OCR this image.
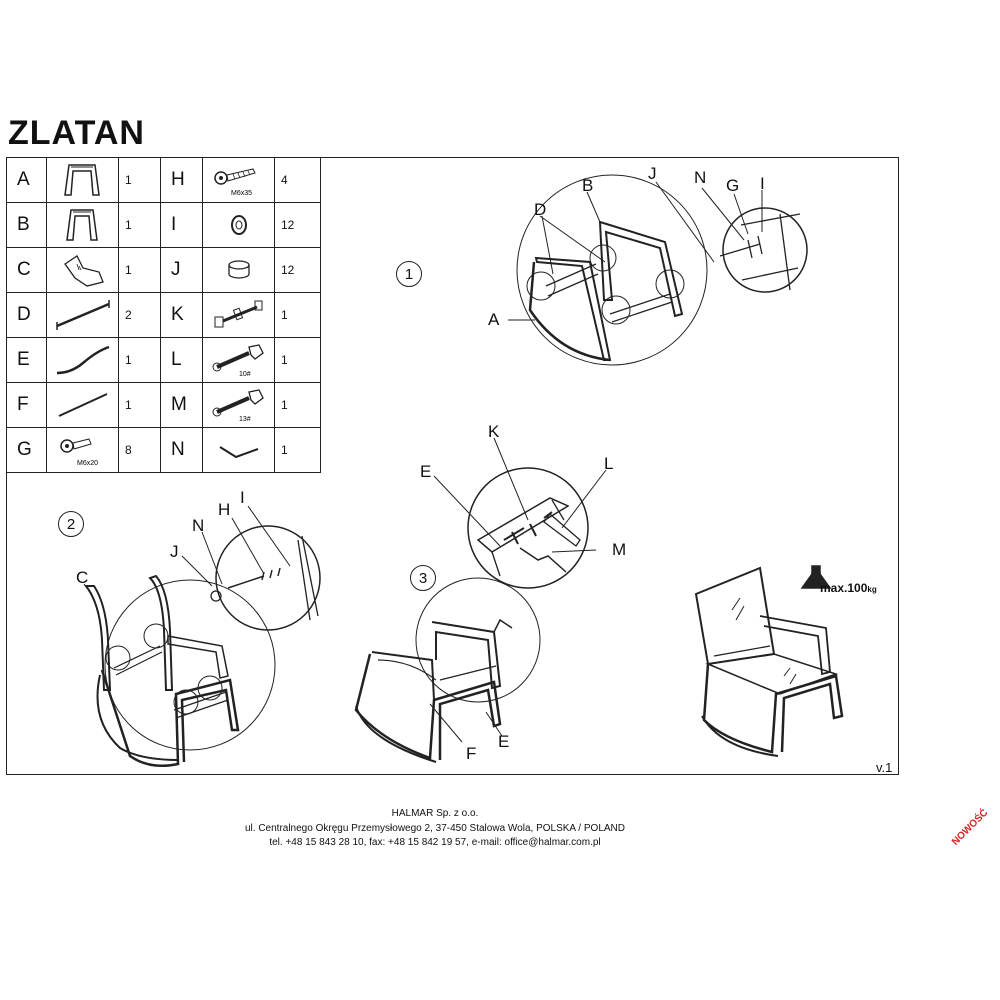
ZLATAN
A		1	H	M6x35	4
B		1	I		12
C		1	J		12
D		2	K		1
E		1	L	10#	1
F		1	M	13#	1
G	M6x20	8	N		1
1
2
3
A
B
D
J N G I
C
J
N
H
I
E
K
L
M
F
E
max.100kg
v.1
HALMAR Sp. z o.o.
ul. Centralnego Okręgu Przemysłowego 2, 37-450 Stalowa Wola, POLSKA / POLAND
tel. +48 15 843 28 10, fax: +48 15 842 19 57, e-mail: office@halmar.com.pl	NOWOŚĆ
